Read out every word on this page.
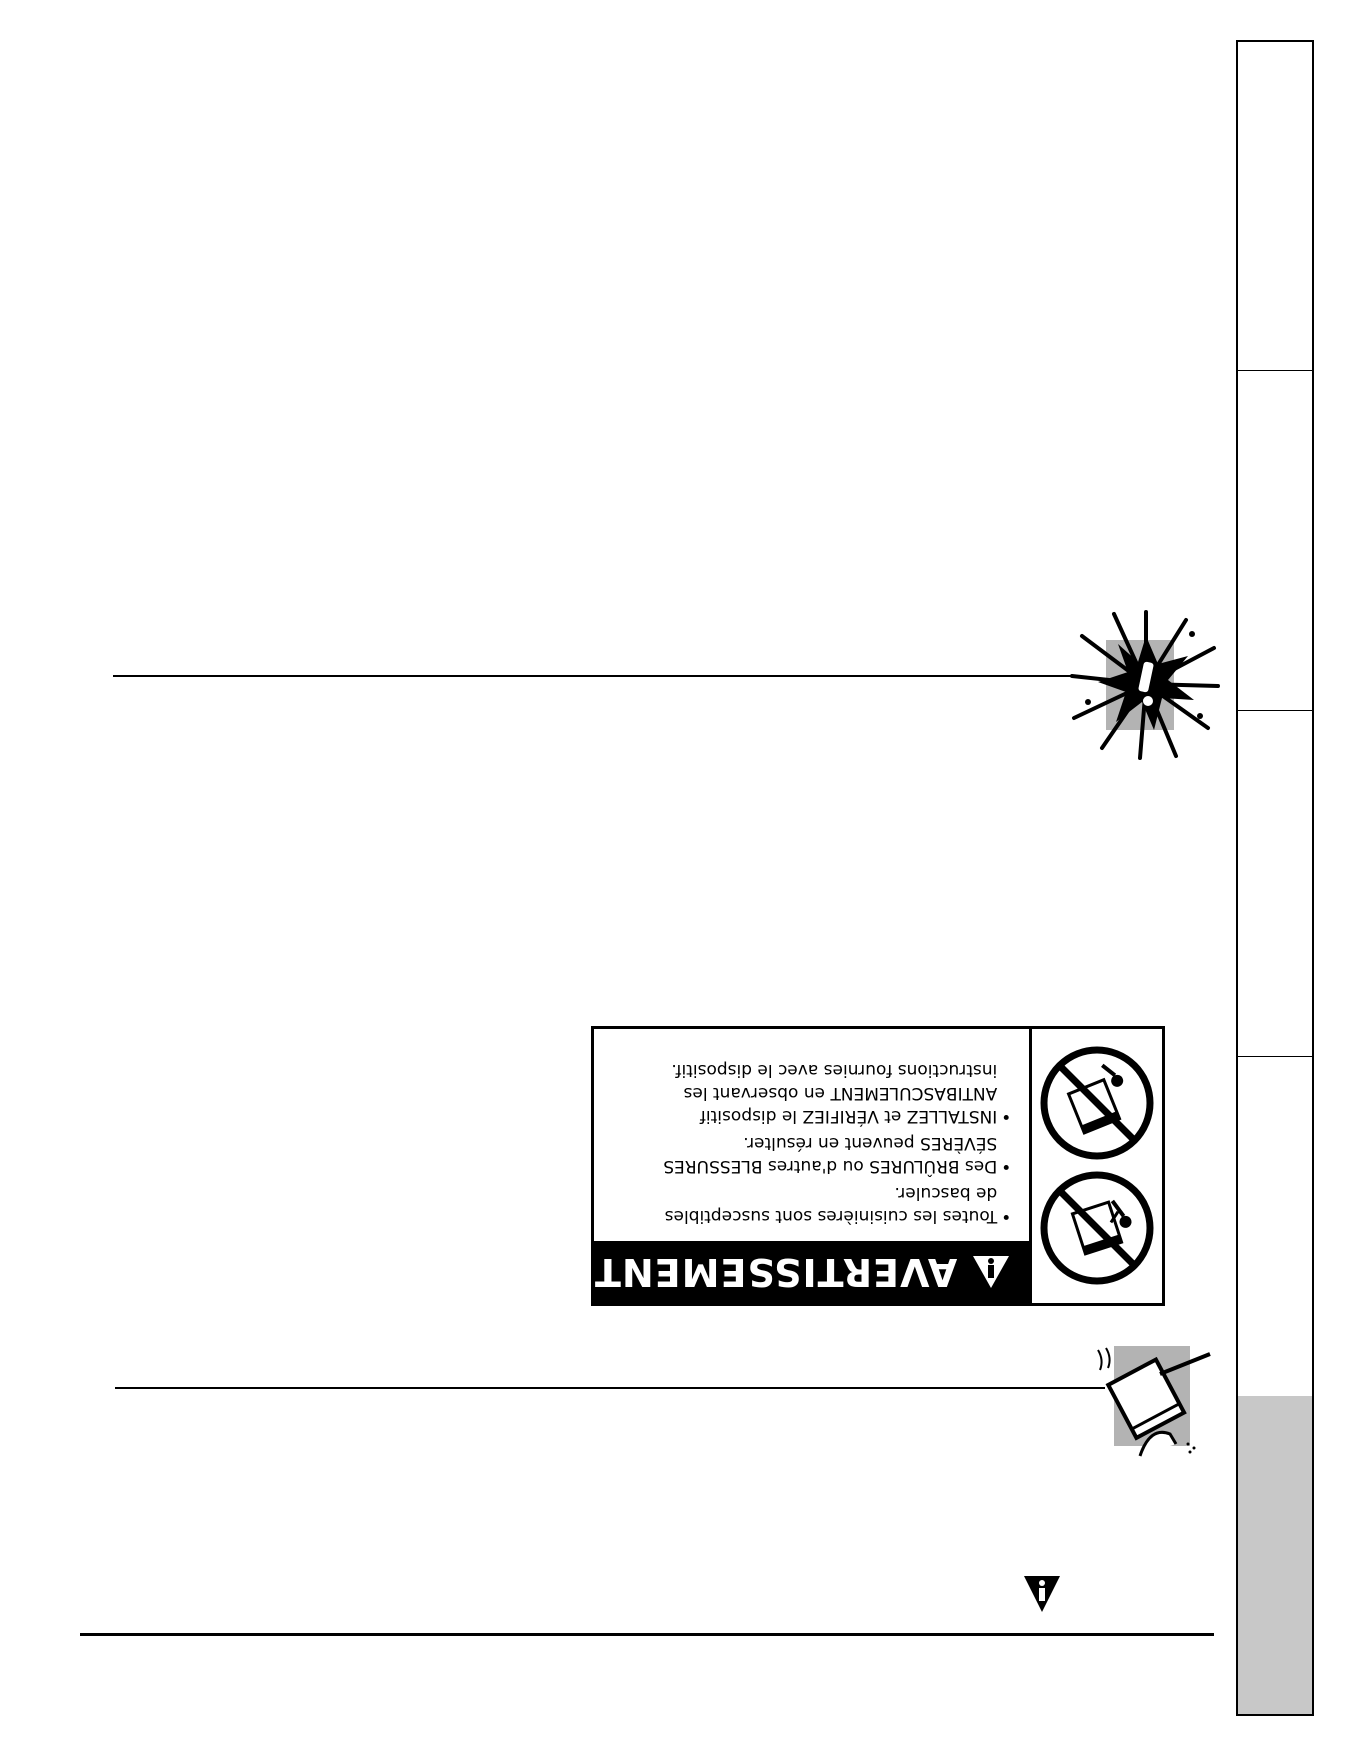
AVERTISSEMENT
•
Toutes les cuisinières sont susceptibles
de basculer.
•
Des BRÛLURES ou d'autres BLESSURES
SÉVÈRES peuvent en résulter.
•
INSTALLEZ et VÉRIFIEZ le dispositif
ANTIBASCULEMENT en observant les
instructions fournies avec le dispositif.
